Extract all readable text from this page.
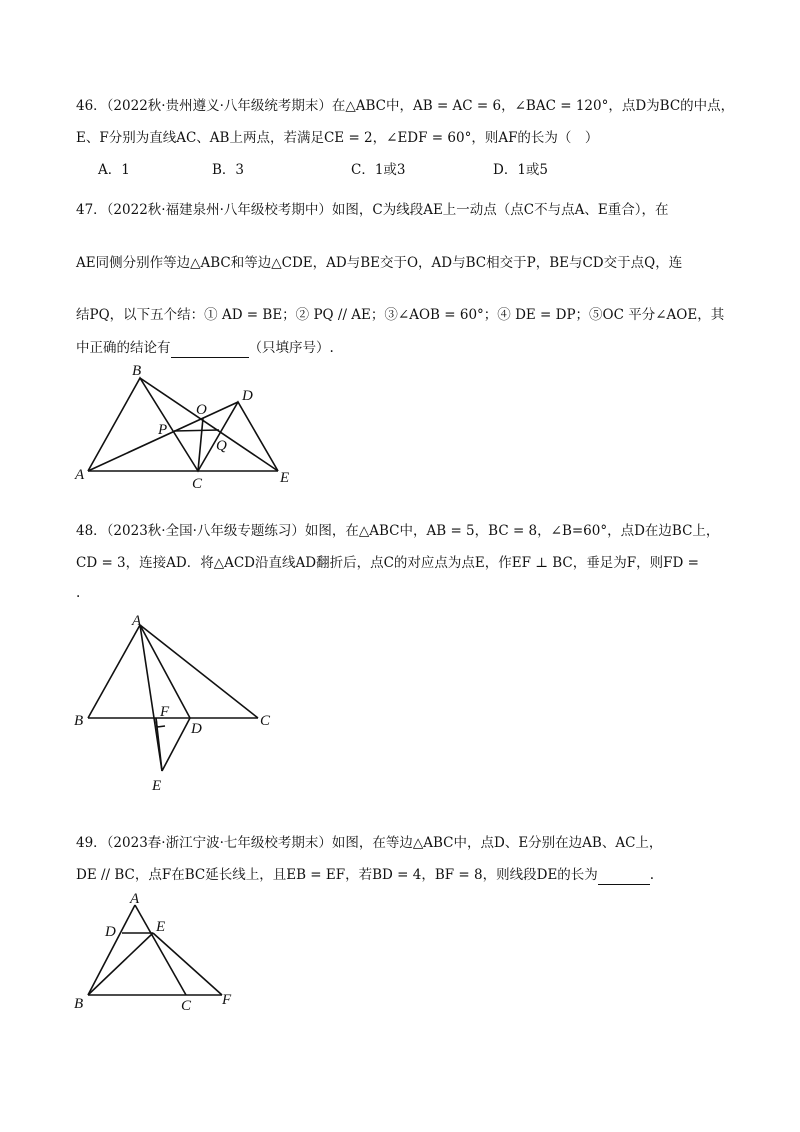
46．（2022秋·贵州遵义·八年级统考期末）在△ABC中，AB = AC = 6，∠BAC = 120°，点D为BC的中点，
E、F分别为直线AC、AB上两点，若满足CE = 2，∠EDF = 60°，则AF的长为（　）
A．1	B．3	C．1或3	D．1或5
47．（2022秋·福建泉州·八年级校考期中）如图，C为线段AE上一动点（点C不与点A、E重合），在
AE同侧分别作等边△ABC和等边△CDE，AD与BE交于O，AD与BC相交于P，BE与CD交于点Q，连
结PQ，以下五个结：① AD = BE；② PQ // AE；③∠AOB = 60°；④ DE = DP；⑤OC 平分∠AOE，其
中正确的结论有	（只填序号）.
B
D
O
P
Q
A
C	E
48．（2023秋·全国·八年级专题练习）如图，在△ABC中，AB = 5，BC = 8，∠B=60°，点D在边BC上，
CD = 3，连接AD．将△ACD沿直线AD翻折后，点C的对应点为点E，作EF ⊥ BC，垂足为F，则FD =
.
A
B
F
D	C
E
49．（2023春·浙江宁波·七年级校考期末）如图，在等边△ABC中，点D、E分别在边AB、AC上，
DE // BC，点F在BC延长线上，且EB = EF，若BD = 4，BF = 8，则线段DE的长为	.
A
D	E
B	C F
